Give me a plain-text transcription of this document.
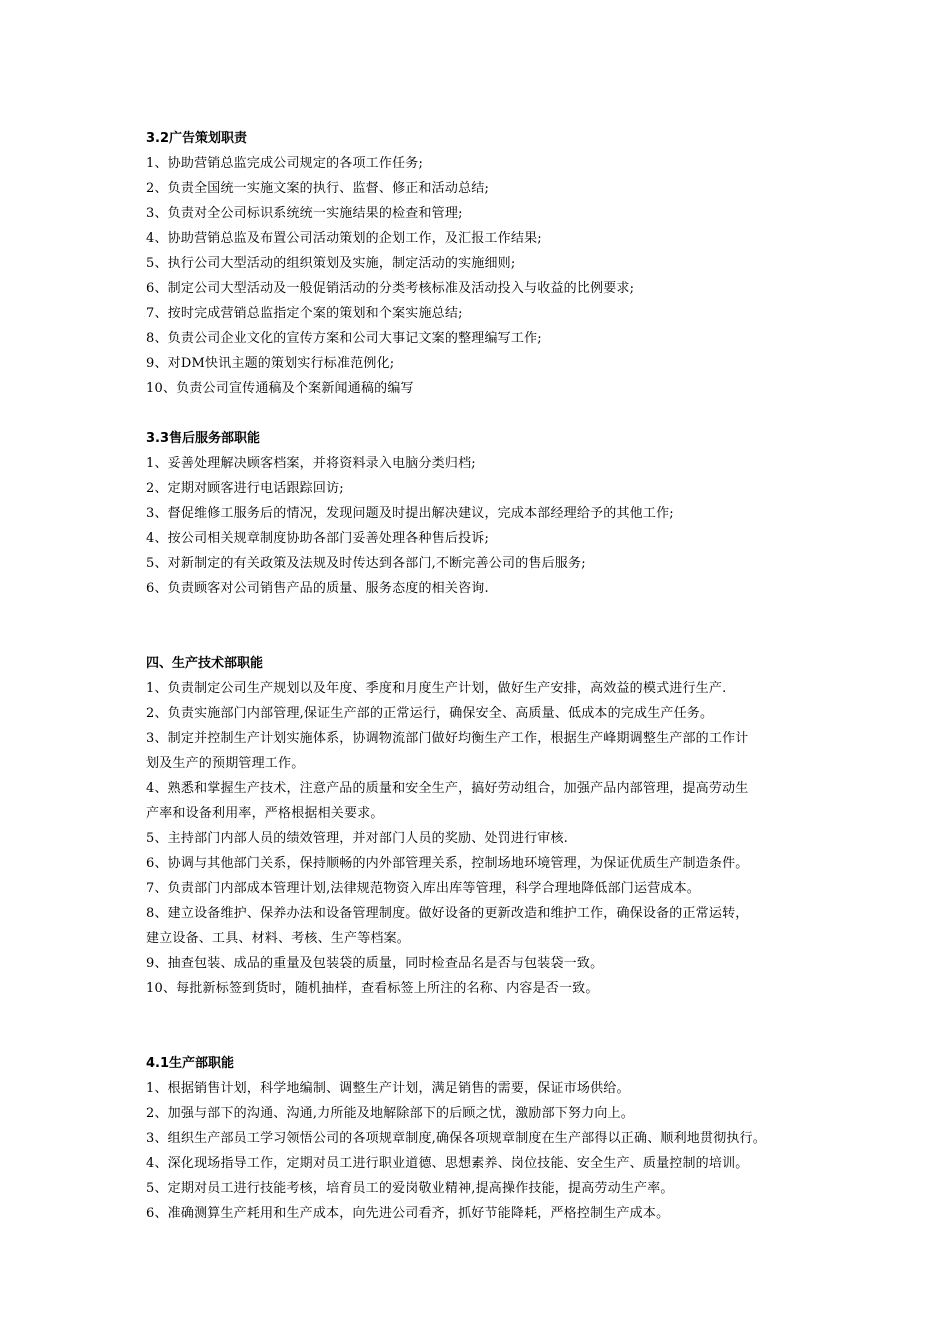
3.2广告策划职责
1、协助营销总监完成公司规定的各项工作任务;
2、负责全国统一实施文案的执行、监督、修正和活动总结;
3、负责对全公司标识系统统一实施结果的检查和管理;
4、协助营销总监及布置公司活动策划的企划工作，及汇报工作结果;
5、执行公司大型活动的组织策划及实施，制定活动的实施细则;
6、制定公司大型活动及一般促销活动的分类考核标准及活动投入与收益的比例要求;
7、按时完成营销总监指定个案的策划和个案实施总结;
8、负责公司企业文化的宣传方案和公司大事记文案的整理编写工作;
9、对DM快讯主题的策划实行标准范例化;
10、负责公司宣传通稿及个案新闻通稿的编写
3.3售后服务部职能
1、妥善处理解决顾客档案，并将资料录入电脑分类归档;
2、定期对顾客进行电话跟踪回访;
3、督促维修工服务后的情况，发现问题及时提出解决建议，完成本部经理给予的其他工作;
4、按公司相关规章制度协助各部门妥善处理各种售后投诉;
5、对新制定的有关政策及法规及时传达到各部门,不断完善公司的售后服务;
6、负责顾客对公司销售产品的质量、服务态度的相关咨询.
四、生产技术部职能
1、负责制定公司生产规划以及年度、季度和月度生产计划，做好生产安排，高效益的模式进行生产.
2、负责实施部门内部管理,保证生产部的正常运行，确保安全、高质量、低成本的完成生产任务。
3、制定并控制生产计划实施体系，协调物流部门做好均衡生产工作，根据生产峰期调整生产部的工作计
划及生产的预期管理工作。
4、熟悉和掌握生产技术，注意产品的质量和安全生产，搞好劳动组合，加强产品内部管理，提高劳动生
产率和设备利用率，严格根据相关要求。
5、主持部门内部人员的绩效管理，并对部门人员的奖励、处罚进行审核.
6、协调与其他部门关系，保持顺畅的内外部管理关系，控制场地环境管理，为保证优质生产制造条件。
7、负责部门内部成本管理计划,法律规范物资入库出库等管理，科学合理地降低部门运营成本。
8、建立设备维护、保养办法和设备管理制度。做好设备的更新改造和维护工作，确保设备的正常运转，
建立设备、工具、材料、考核、生产等档案。
9、抽查包装、成品的重量及包装袋的质量，同时检查品名是否与包装袋一致。
10、每批新标签到货时，随机抽样，查看标签上所注的名称、内容是否一致。
4.1生产部职能
1、根据销售计划，科学地编制、调整生产计划，满足销售的需要，保证市场供给。
2、加强与部下的沟通、沟通,力所能及地解除部下的后顾之忧，激励部下努力向上。
3、组织生产部员工学习领悟公司的各项规章制度,确保各项规章制度在生产部得以正确、顺利地贯彻执行。
4、深化现场指导工作，定期对员工进行职业道德、思想素养、岗位技能、安全生产、质量控制的培训。
5、定期对员工进行技能考核，培育员工的爱岗敬业精神,提高操作技能，提高劳动生产率。
6、准确测算生产耗用和生产成本，向先进公司看齐，抓好节能降耗，严格控制生产成本。
